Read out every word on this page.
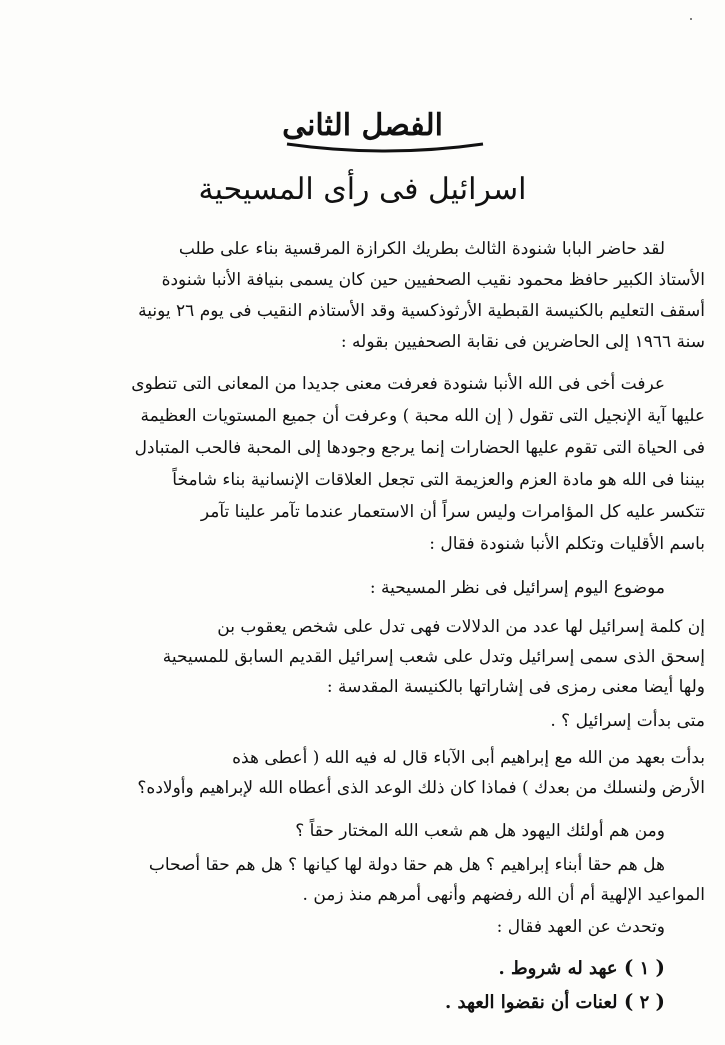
الفصل الثانى
اسرائيل فى رأى المسيحية
لقد حاضر البابا شنودة الثالث بطريك الكرازة المرقسية بناء على طلب
الأستاذ الكبير حافظ محمود نقيب الصحفيين حين كان يسمى بنيافة الأنبا شنودة
أسقف التعليم بالكنيسة القبطية الأرثوذكسية وقد الأستاذم النقيب فى يوم ٢٦ يونية
سنة ١٩٦٦ إلى الحاضرين فى نقابة الصحفيين بقوله :
عرفت أخى فى الله الأنبا شنودة فعرفت معنى جديدا من المعانى التى تنطوى
عليها آية الإنجيل التى تقول ( إن الله محبة ) وعرفت أن جميع المستويات العظيمة
فى الحياة التى تقوم عليها الحضارات إنما يرجع وجودها إلى المحبة فالحب المتبادل
بيننا فى الله هو مادة العزم والعزيمة التى تجعل العلاقات الإنسانية بناء شامخاً
تتكسر عليه كل المؤامرات وليس سراً أن الاستعمار عندما تآمر علينا تآمر
باسم الأقليات وتكلم الأنبا شنودة فقال :
موضوع اليوم إسرائيل فى نظر المسيحية :
إن كلمة إسرائيل لها عدد من الدلالات فهى تدل على شخص يعقوب بن
إسحق الذى سمى إسرائيل وتدل على شعب إسرائيل القديم السابق للمسيحية
ولها أيضا معنى رمزى فى إشاراتها بالكنيسة المقدسة :
متى بدأت إسرائيل ؟ .
بدأت بعهد من الله مع إبراهيم أبى الآباء قال له فيه الله ( أعطى هذه
الأرض ولنسلك من بعدك ) فماذا كان ذلك الوعد الذى أعطاه الله لإبراهيم وأولاده؟
ومن هم أولئك اليهود هل هم شعب الله المختار حقاً ؟
هل هم حقا أبناء إبراهيم ؟ هل هم حقا دولة لها كيانها ؟ هل هم حقا أصحاب
المواعيد الإلهية أم أن الله رفضهم وأنهى أمرهم منذ زمن .
وتحدث عن العهد فقال :
( ١ ) عهد له شروط .
( ٢ ) لعنات أن نقضوا العهد .
